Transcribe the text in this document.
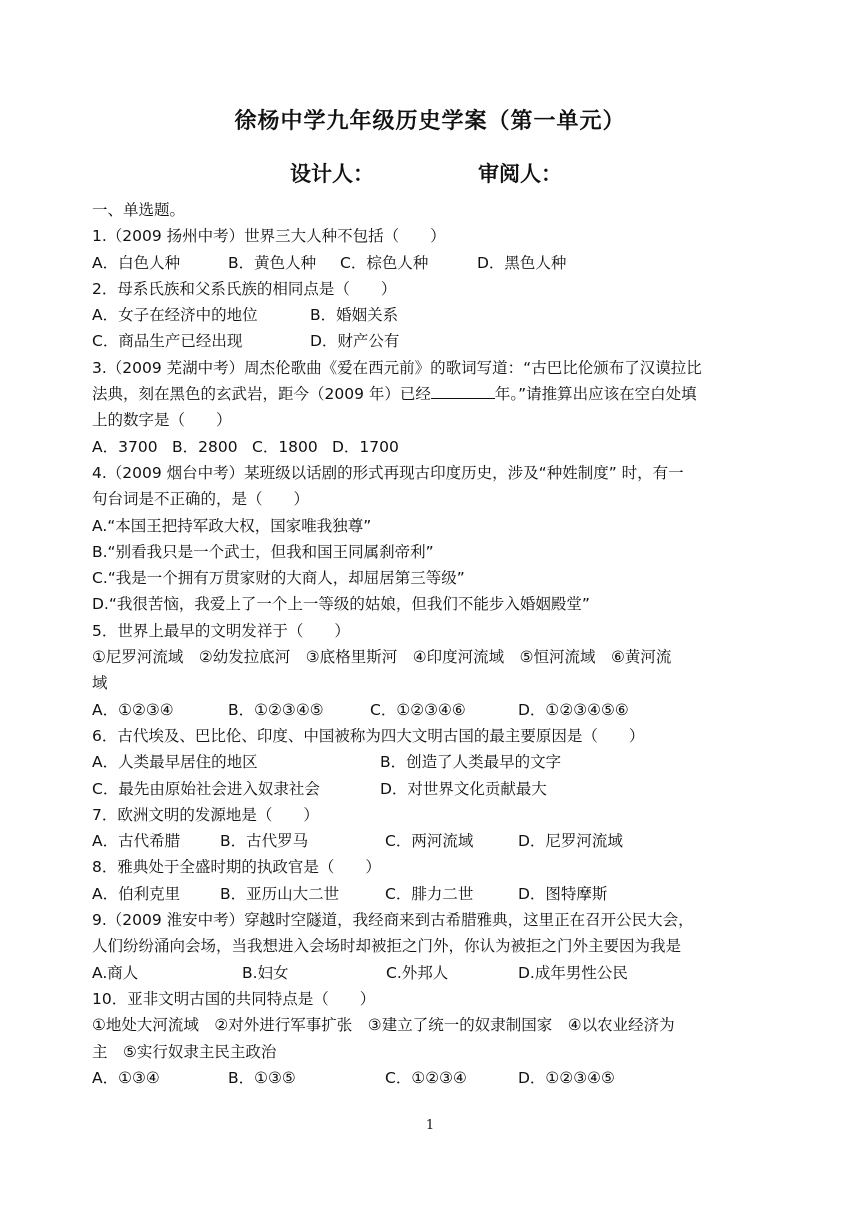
徐杨中学九年级历史学案（第一单元）
设计人：	审阅人：
一、单选题。
1.（2009 扬州中考）世界三大人种不包括（　　）
A．白色人种	B．黄色人种	C．棕色人种	D．黑色人种
2．母系氏族和父系氏族的相同点是（　　）
A．女子在经济中的地位	B．婚姻关系
C．商品生产已经出现	D．财产公有
3.（2009 芜湖中考）周杰伦歌曲《爱在西元前》的歌词写道：“古巴比伦颁布了汉谟拉比
法典，刻在黑色的玄武岩，距今（2009 年）已经	年。”请推算出应该在空白处填
上的数字是（　　）
A．3700 B．2800 C．1800 D．1700
4.（2009 烟台中考）某班级以话剧的形式再现古印度历史，涉及“种姓制度” 时，有一
句台词是不正确的，是（　　）
A.“本国王把持军政大权，国家唯我独尊”
B.“别看我只是一个武士，但我和国王同属刹帝利”
C.“我是一个拥有万贯家财的大商人，却屈居第三等级”
D.“我很苦恼，我爱上了一个上一等级的姑娘，但我们不能步入婚姻殿堂”
5．世界上最早的文明发祥于（　　）
①尼罗河流域　②幼发拉底河　③底格里斯河　④印度河流域　⑤恒河流域　⑥黄河流
域
A．①②③④	B．①②③④⑤	C．①②③④⑥	D．①②③④⑤⑥
6．古代埃及、巴比伦、印度、中国被称为四大文明古国的最主要原因是（　　）
A．人类最早居住的地区	B．创造了人类最早的文字
C．最先由原始社会进入奴隶社会	D．对世界文化贡献最大
7．欧洲文明的发源地是（　　）
A．古代希腊	B．古代罗马	C．两河流域	D．尼罗河流域
8．雅典处于全盛时期的执政官是（　　）
A．伯利克里	B．亚历山大二世	C．腓力二世	D．图特摩斯
9.（2009 淮安中考）穿越时空隧道，我经商来到古希腊雅典，这里正在召开公民大会，
人们纷纷涌向会场，当我想进入会场时却被拒之门外，你认为被拒之门外主要因为我是
A.商人	B.妇女	C.外邦人	D.成年男性公民
10．亚非文明古国的共同特点是（　　）
①地处大河流域　②对外进行军事扩张　③建立了统一的奴隶制国家　④以农业经济为
主　⑤实行奴隶主民主政治
A．①③④	B．①③⑤	C．①②③④	D．①②③④⑤
1
